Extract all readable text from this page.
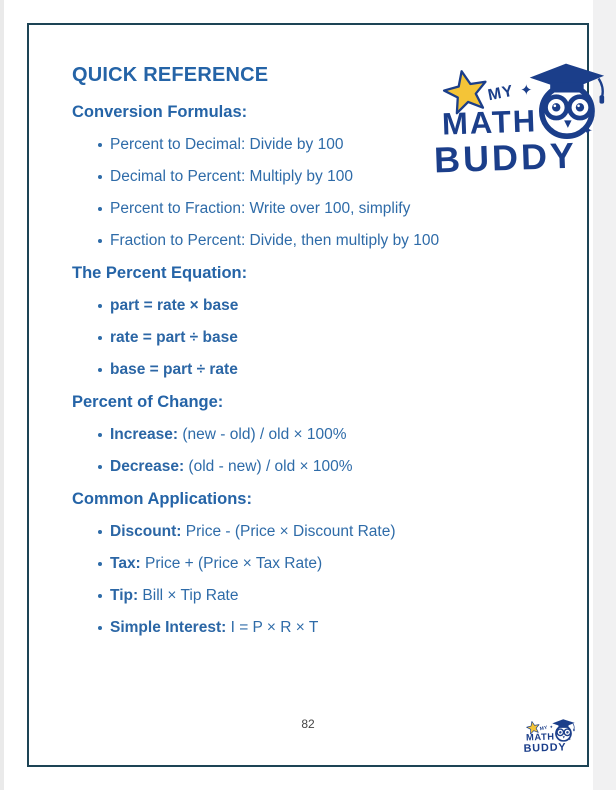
MY ✦
✦
MATH
BUDDY
QUICK REFERENCE
Conversion Formulas:
Percent to Decimal: Divide by 100
Decimal to Percent: Multiply by 100
Percent to Fraction: Write over 100, simplify
Fraction to Percent: Divide, then multiply by 100
The Percent Equation:
part = rate × base
rate = part ÷ base
base = part ÷ rate
Percent of Change:
Increase: (new - old) / old × 100%
Decrease: (old - new) / old × 100%
Common Applications:
Discount: Price - (Price × Discount Rate)
Tax: Price + (Price × Tax Rate)
Tip: Bill × Tip Rate
Simple Interest: I = P × R × T
82	MY ✦
✦
MATH
BUDDY
